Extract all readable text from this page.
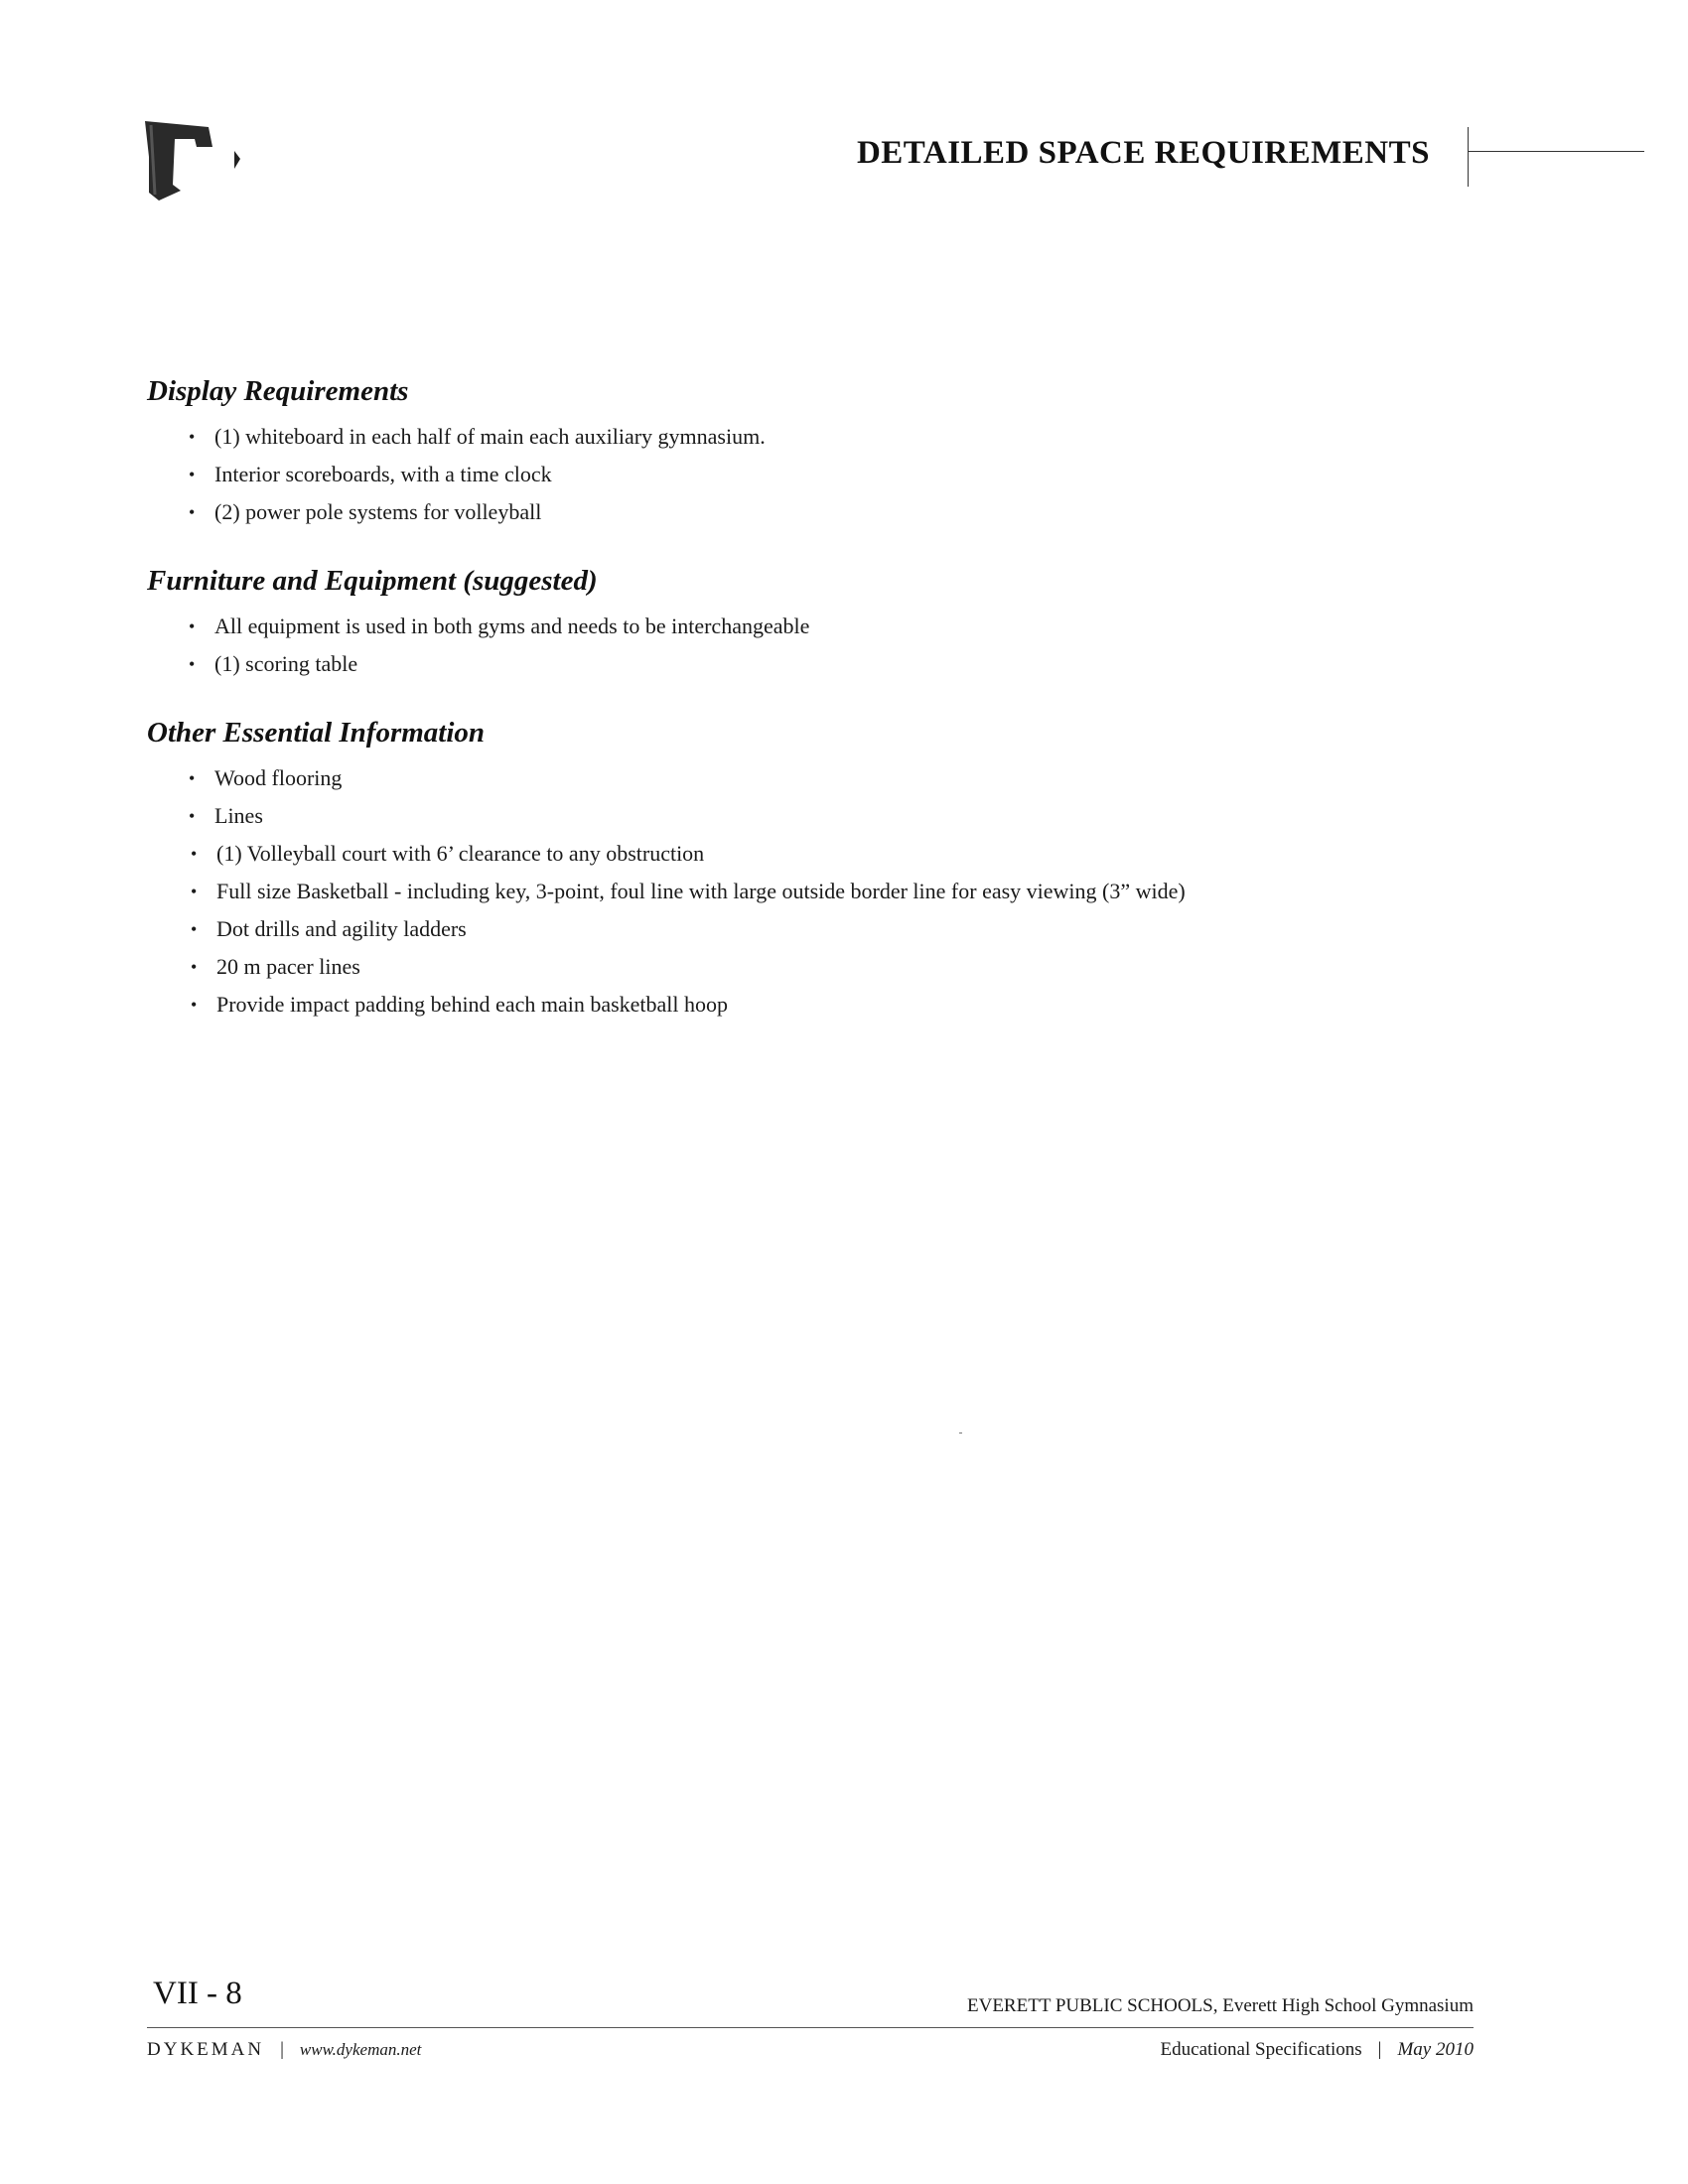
DETAILED SPACE REQUIREMENTS
Display Requirements
• (1) whiteboard in each half of main each auxiliary gymnasium.
• Interior scoreboards, with a time clock
• (2) power pole systems for volleyball
Furniture and Equipment (suggested)
• All equipment is used in both gyms and needs to be interchangeable
• (1) scoring table
Other Essential Information
• Wood flooring
• Lines
• (1) Volleyball court with 6’ clearance to any obstruction
• Full size Basketball - including key, 3-point, foul line with large outside border line for easy viewing (3” wide)
• Dot drills and agility ladders
• 20 m pacer lines
• Provide impact padding behind each main basketball hoop
VII - 8	EVERETT PUBLIC SCHOOLS, Everett High School Gymnasium
DYKEMAN | www.dykeman.net	Educational Specifications | May 2010
